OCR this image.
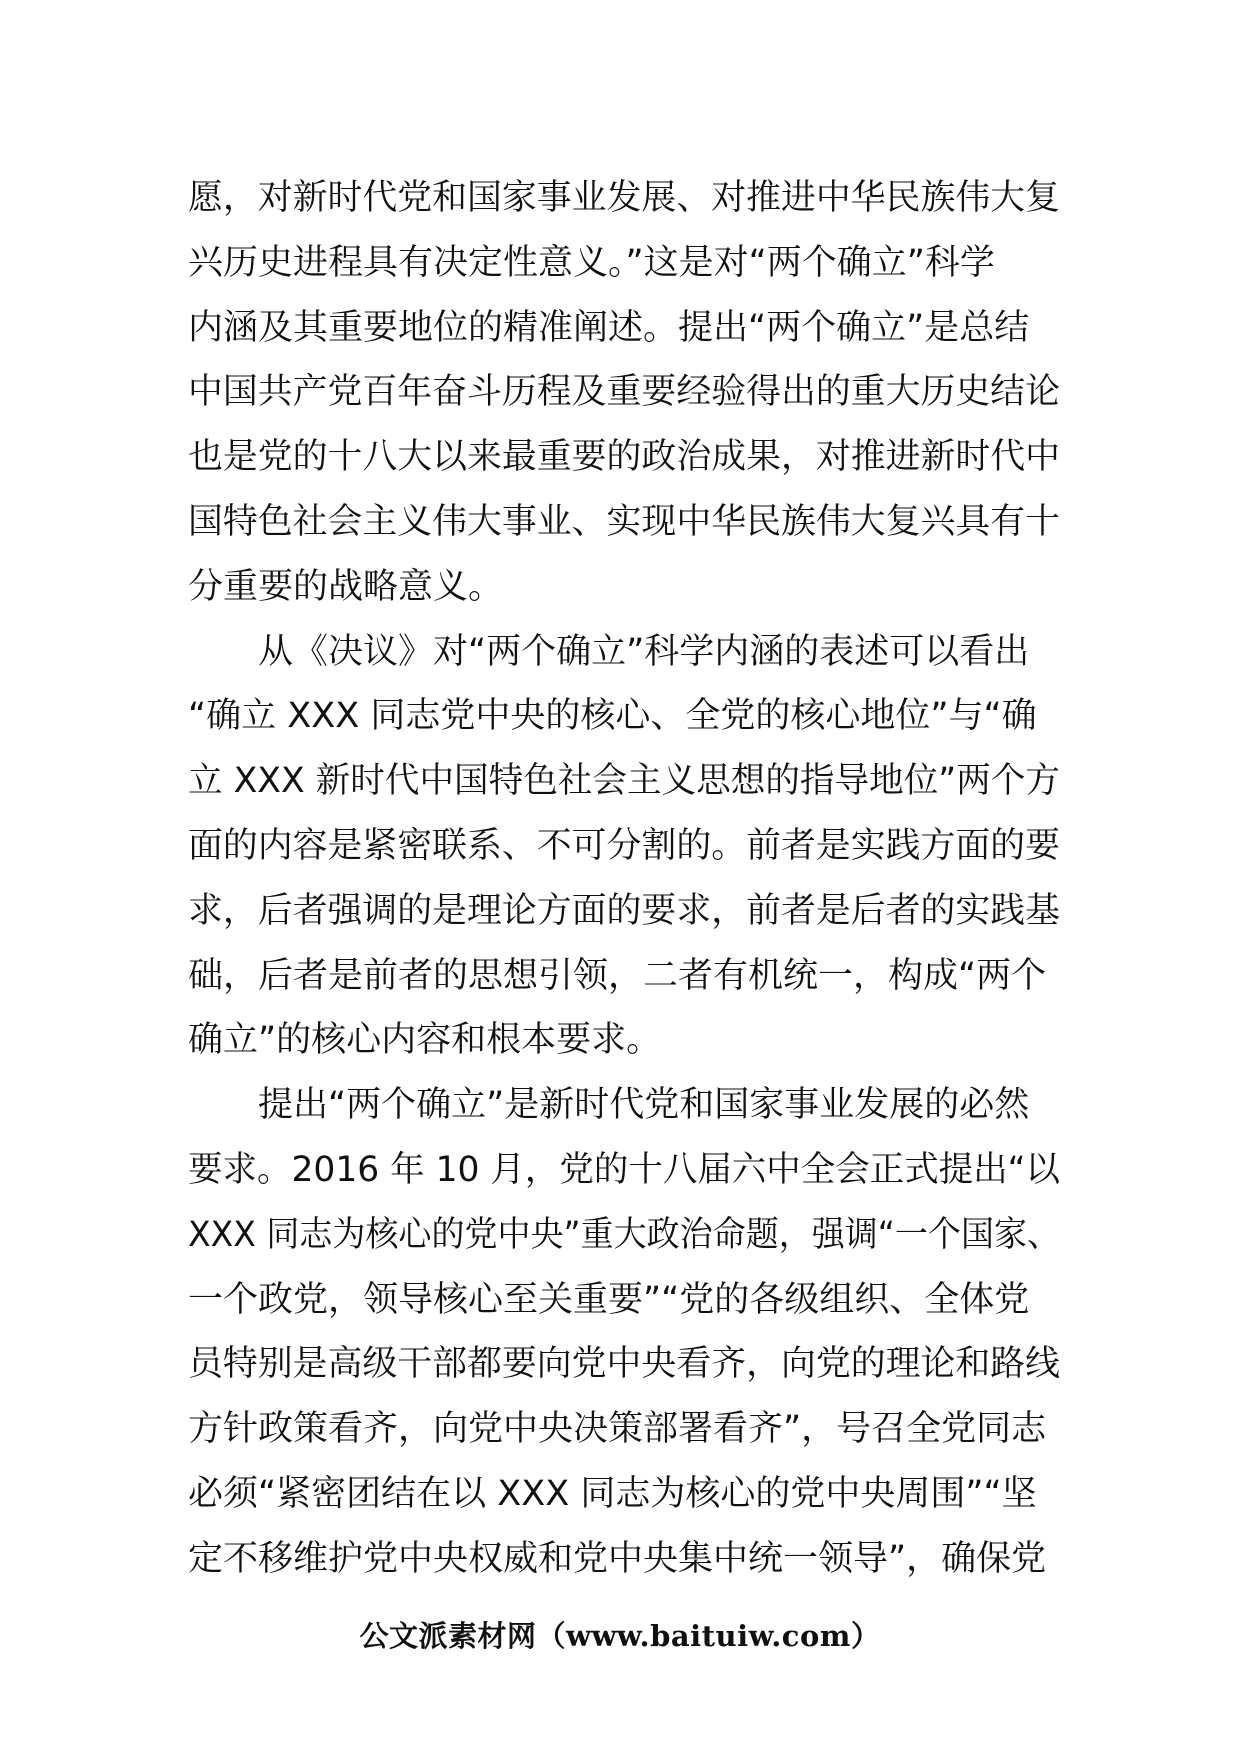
愿，对新时代党和国家事业发展、对推进中华民族伟大复
兴历史进程具有决定性意义。”这是对“两个确立”科学
内涵及其重要地位的精准阐述。提出“两个确立”是总结
中国共产党百年奋斗历程及重要经验得出的重大历史结论
也是党的十八大以来最重要的政治成果，对推进新时代中
国特色社会主义伟大事业、实现中华民族伟大复兴具有十
分重要的战略意义。
从《决议》对“两个确立”科学内涵的表述可以看出
“确立 XXX 同志党中央的核心、全党的核心地位”与“确
立 XXX 新时代中国特色社会主义思想的指导地位”两个方
面的内容是紧密联系、不可分割的。前者是实践方面的要
求，后者强调的是理论方面的要求，前者是后者的实践基
础，后者是前者的思想引领，二者有机统一，构成“两个
确立”的核心内容和根本要求。
提出“两个确立”是新时代党和国家事业发展的必然
要求。2016 年 10 月，党的十八届六中全会正式提出“以
XXX 同志为核心的党中央”重大政治命题，强调“一个国家、
一个政党，领导核心至关重要”“党的各级组织、全体党
员特别是高级干部都要向党中央看齐，向党的理论和路线
方针政策看齐，向党中央决策部署看齐”，号召全党同志
必须“紧密团结在以 XXX 同志为核心的党中央周围”“坚
定不移维护党中央权威和党中央集中统一领导”，确保党
公文派素材网（www.baituiw.com）
